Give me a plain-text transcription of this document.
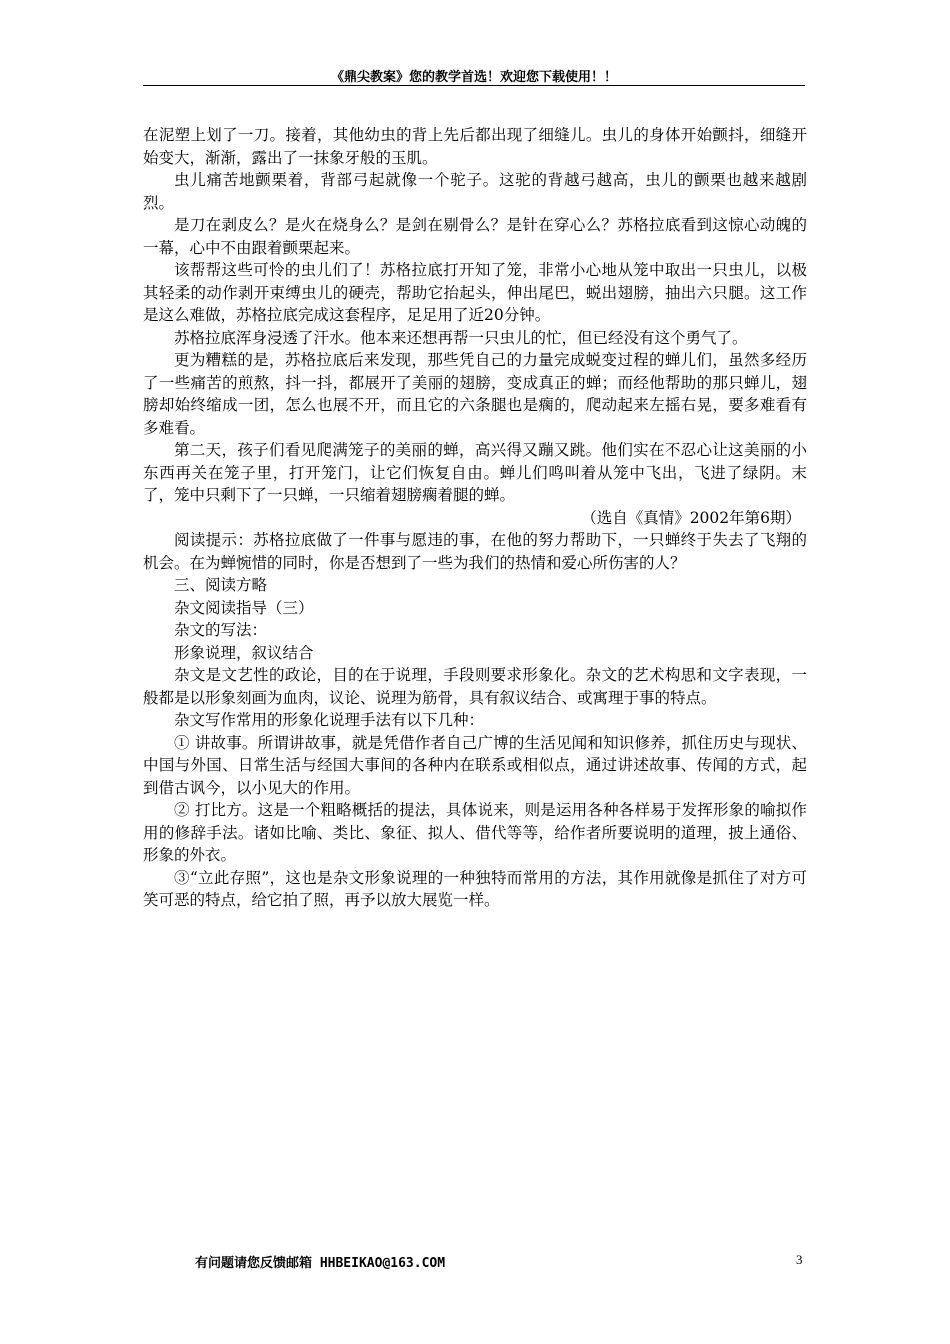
《鼎尖教案》您的教学首选！欢迎您下载使用！！

在泥塑上划了一刀。接着，其他幼虫的背上先后都出现了细缝儿。虫儿的身体开始颤抖，细缝开始变大，渐渐，露出了一抹象牙般的玉肌。

虫儿痛苦地颤栗着，背部弓起就像一个驼子。这驼的背越弓越高，虫儿的颤栗也越来越剧烈。

是刀在剥皮么？是火在烧身么？是剑在剔骨么？是针在穿心么？苏格拉底看到这惊心动魄的一幕，心中不由跟着颤栗起来。

该帮帮这些可怜的虫儿们了！苏格拉底打开知了笼，非常小心地从笼中取出一只虫儿，以极其轻柔的动作剥开束缚虫儿的硬壳，帮助它抬起头，伸出尾巴，蜕出翅膀，抽出六只腿。这工作是这么难做，苏格拉底完成这套程序，足足用了近20分钟。

苏格拉底浑身浸透了汗水。他本来还想再帮一只虫儿的忙，但已经没有这个勇气了。

更为糟糕的是，苏格拉底后来发现，那些凭自己的力量完成蜕变过程的蝉儿们，虽然多经历了一些痛苦的煎熬，抖一抖，都展开了美丽的翅膀，变成真正的蝉；而经他帮助的那只蝉儿，翅膀却始终缩成一团，怎么也展不开，而且它的六条腿也是瘸的，爬动起来左摇右晃，要多难看有多难看。

第二天，孩子们看见爬满笼子的美丽的蝉，高兴得又蹦又跳。他们实在不忍心让这美丽的小东西再关在笼子里，打开笼门，让它们恢复自由。蝉儿们鸣叫着从笼中飞出，飞进了绿阴。末了，笼中只剩下了一只蝉，一只缩着翅膀瘸着腿的蝉。

（选自《真情》2002年第6期）

阅读提示：苏格拉底做了一件事与愿违的事，在他的努力帮助下，一只蝉终于失去了飞翔的机会。在为蝉惋惜的同时，你是否想到了一些为我们的热情和爱心所伤害的人？

三、阅读方略

杂文阅读指导（三）

杂文的写法：

形象说理，叙议结合

杂文是文艺性的政论，目的在于说理，手段则要求形象化。杂文的艺术构思和文字表现，一般都是以形象刻画为血肉，议论、说理为筋骨，具有叙议结合、或寓理于事的特点。

杂文写作常用的形象化说理手法有以下几种：

① 讲故事。所谓讲故事，就是凭借作者自己广博的生活见闻和知识修养，抓住历史与现状、中国与外国、日常生活与经国大事间的各种内在联系或相似点，通过讲述故事、传闻的方式，起到借古讽今，以小见大的作用。

② 打比方。这是一个粗略概括的提法，具体说来，则是运用各种各样易于发挥形象的喻拟作用的修辞手法。诸如比喻、类比、象征、拟人、借代等等，给作者所要说明的道理，披上通俗、形象的外衣。

③“立此存照”，这也是杂文形象说理的一种独特而常用的方法，其作用就像是抓住了对方可笑可恶的特点，给它拍了照，再予以放大展览一样。

有问题请您反馈邮箱 HHBEIKAO@163.COM	3
